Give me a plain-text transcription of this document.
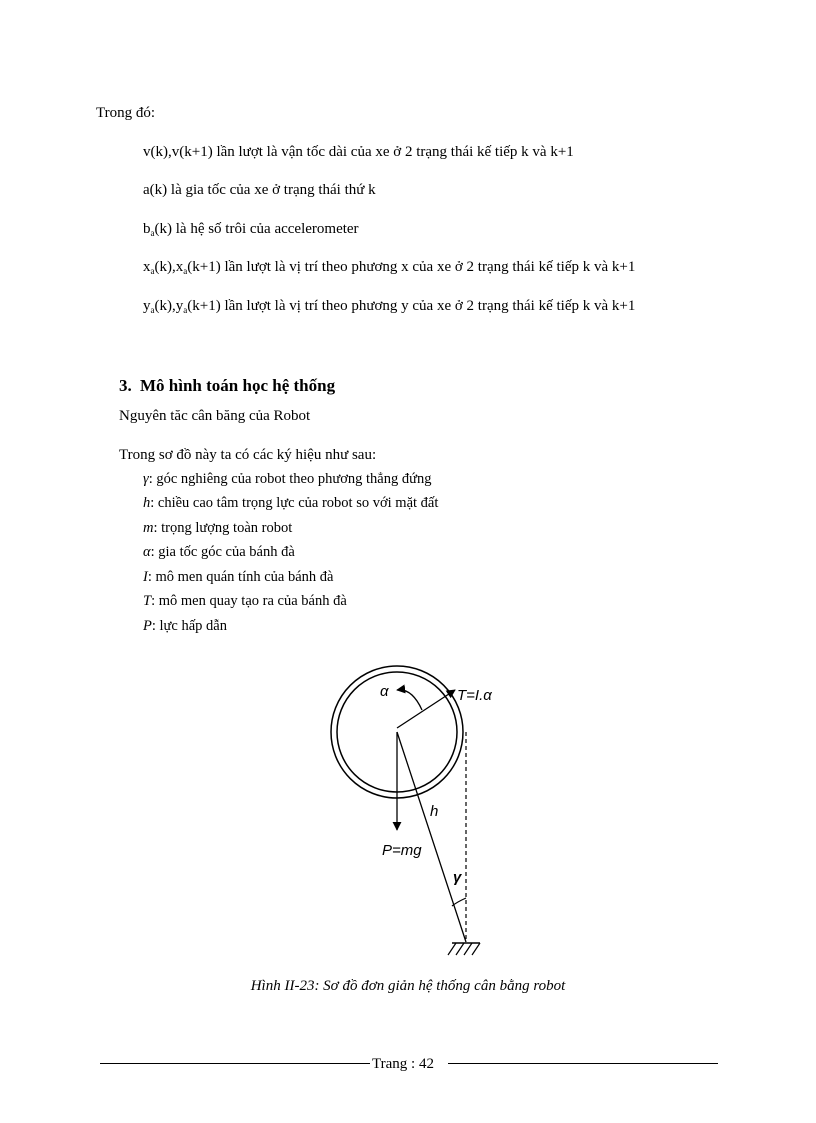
Trong đó:
v(k),v(k+1) lần lượt là vận tốc dài của xe ở 2 trạng thái kế tiếp k và k+1
a(k) là gia tốc của xe ở trạng thái thứ k
$b_a(k)$ là hệ số trôi của accelerometer
$x_a(k),x_a(k+1)$ lần lượt là vị trí theo phương x của xe ở 2 trạng thái kế tiếp k và k+1
$y_a(k),y_a(k+1)$ lần lượt là vị trí theo phương y của xe ở 2 trạng thái kế tiếp k và k+1
3. Mô hình toán học hệ thống
Nguyên tăc cân băng của Robot
Trong sơ đồ này ta có các ký hiệu như sau:
γ: góc nghiêng của robot theo phương thẳng đứng
h: chiều cao tâm trọng lực của robot so với mặt đất
m: trọng lượng toàn robot
α: gia tốc góc của bánh đà
I: mô men quán tính của bánh đà
T: mô men quay tạo ra của bánh đà
P: lực hấp dẫn
α	T=I.α
h
P=mg
γ
Hình II-23: Sơ đồ đơn giản hệ thống cân bằng robot
Trang : 42
